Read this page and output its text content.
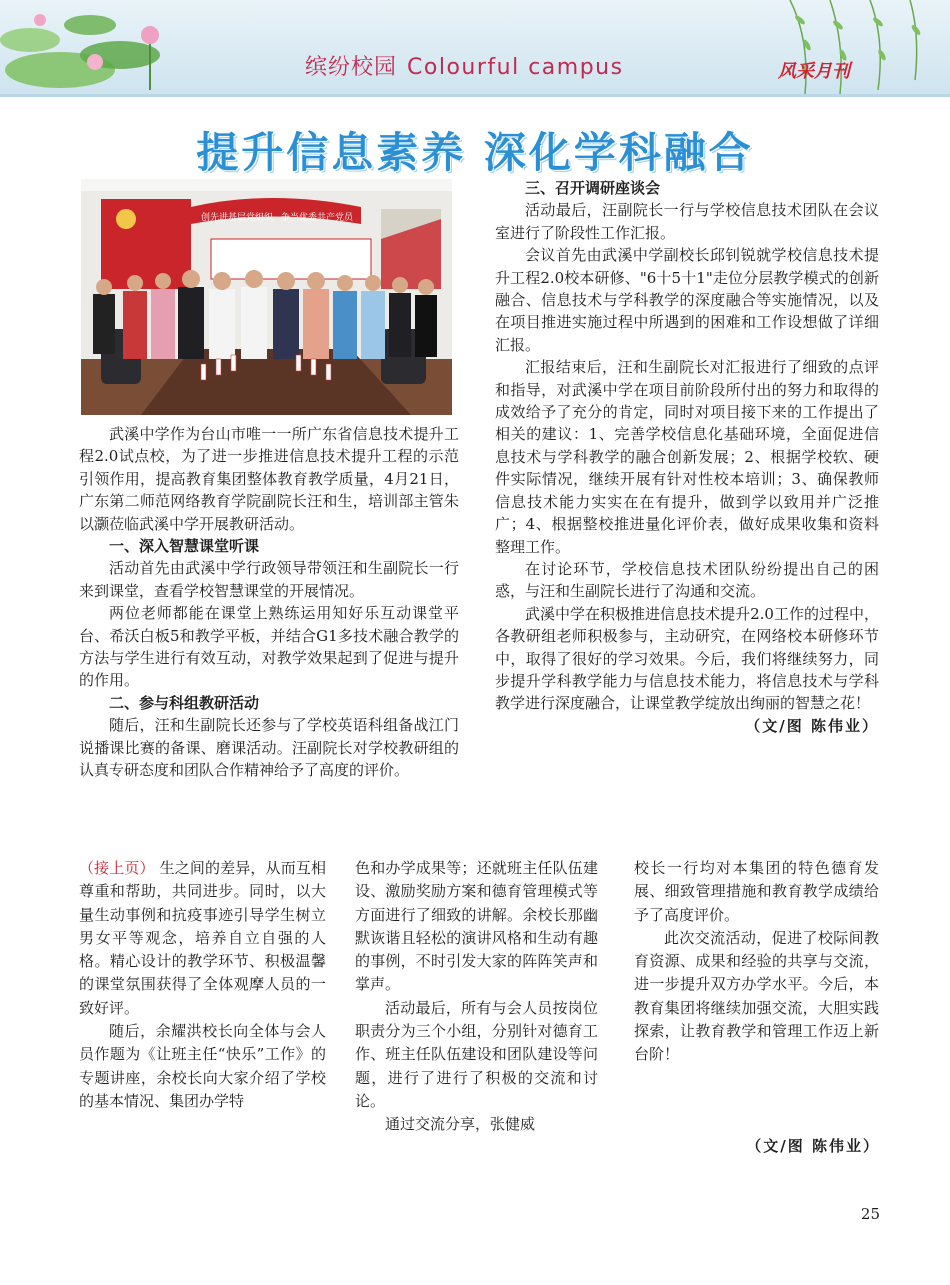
缤纷校园 Colourful campus	风采月刊
提升信息素养 深化学科融合
创先进基层党组织 争当优秀共产党员

武溪中学作为台山市唯一一所广东省信息技术提升工程2.0试点校，为了进一步推进信息技术提升工程的示范引领作用，提高教育集团整体教育教学质量，4月21日，广东第二师范网络教育学院副院长汪和生，培训部主管朱以灏莅临武溪中学开展教研活动。

一、深入智慧课堂听课

活动首先由武溪中学行政领导带领汪和生副院长一行来到课堂，查看学校智慧课堂的开展情况。

两位老师都能在课堂上熟练运用知好乐互动课堂平台、希沃白板5和教学平板，并结合G1多技术融合教学的方法与学生进行有效互动，对教学效果起到了促进与提升的作用。

二、参与科组教研活动

随后，汪和生副院长还参与了学校英语科组备战江门说播课比赛的备课、磨课活动。汪副院长对学校教研组的认真专研态度和团队合作精神给予了高度的评价。

三、召开调研座谈会

活动最后，汪副院长一行与学校信息技术团队在会议室进行了阶段性工作汇报。

会议首先由武溪中学副校长邱钊锐就学校信息技术提升工程2.0校本研修、"6十5十1"走位分层教学模式的创新融合、信息技术与学科教学的深度融合等实施情况，以及在项目推进实施过程中所遇到的困难和工作设想做了详细汇报。

汇报结束后，汪和生副院长对汇报进行了细致的点评和指导，对武溪中学在项目前阶段所付出的努力和取得的成效给予了充分的肯定，同时对项目接下来的工作提出了相关的建议：1、完善学校信息化基础环境，全面促进信息技术与学科教学的融合创新发展；2、根据学校软、硬件实际情况，继续开展有针对性校本培训；3、确保教师信息技术能力实实在在有提升，做到学以致用并广泛推广；4、根据整校推进量化评价表，做好成果收集和资料整理工作。

在讨论环节，学校信息技术团队纷纷提出自己的困惑，与汪和生副院长进行了沟通和交流。

武溪中学在积极推进信息技术提升2.0工作的过程中，各教研组老师积极参与，主动研究，在网络校本研修环节中，取得了很好的学习效果。今后，我们将继续努力，同步提升学科教学能力与信息技术能力，将信息技术与学科教学进行深度融合，让课堂教学绽放出绚丽的智慧之花！

（文/图 陈伟业）

（接上页） 生之间的差异，从而互相尊重和帮助，共同进步。同时，以大量生动事例和抗疫事迹引导学生树立男女平等观念，培养自立自强的人格。精心设计的教学环节、积极温馨的课堂氛围获得了全体观摩人员的一致好评。

随后，余耀洪校长向全体与会人员作题为《让班主任“快乐”工作》的专题讲座，余校长向大家介绍了学校的基本情况、集团办学特

色和办学成果等；还就班主任队伍建设、激励奖励方案和德育管理模式等方面进行了细致的讲解。余校长那幽默诙谐且轻松的演讲风格和生动有趣的事例，不时引发大家的阵阵笑声和掌声。

活动最后，所有与会人员按岗位职责分为三个小组，分别针对德育工作、班主任队伍建设和团队建设等问题，进行了进行了积极的交流和讨论。

通过交流分享，张健威

校长一行均对本集团的特色德育发展、细致管理措施和教育教学成绩给予了高度评价。

此次交流活动，促进了校际间教育资源、成果和经验的共享与交流，进一步提升双方办学水平。今后，本教育集团将继续加强交流，大胆实践探索，让教育教学和管理工作迈上新台阶！

（文/图 陈伟业）
25
